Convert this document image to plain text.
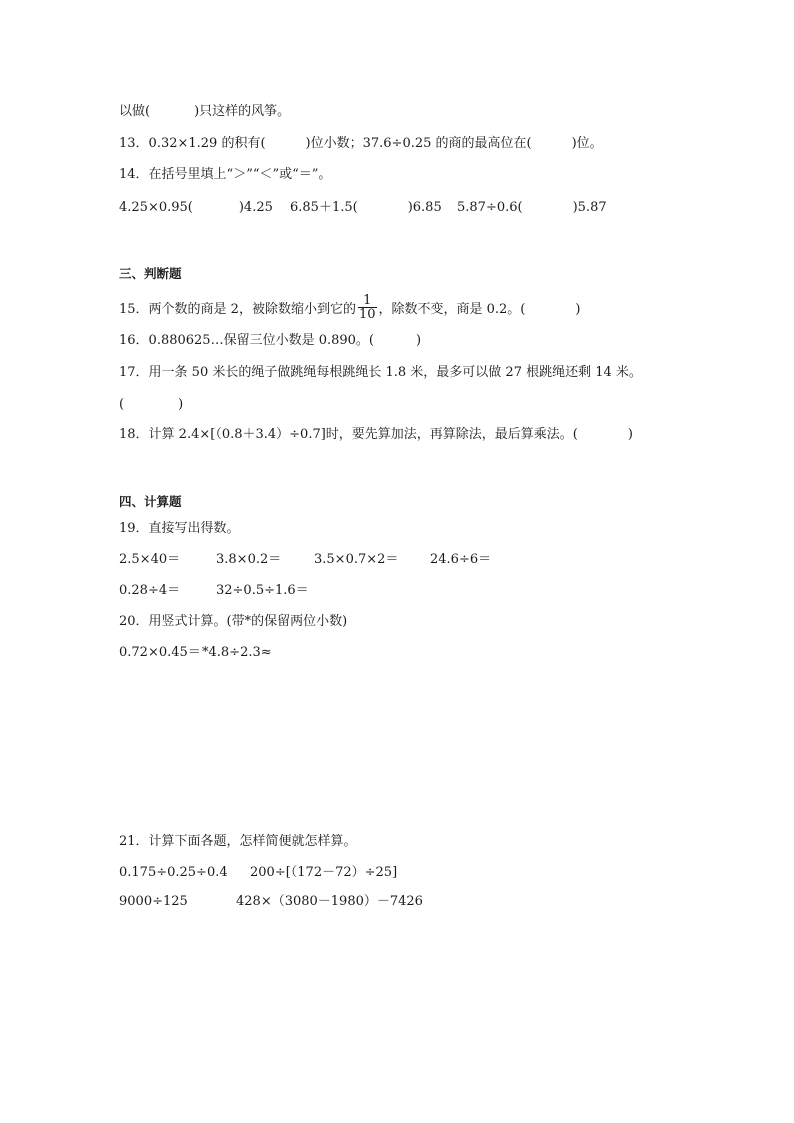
以做(	)只这样的风筝。
13．0.32×1.29 的积有(	)位小数；37.6÷0.25 的商的最高位在(	)位。
14．在括号里填上“＞”“＜”或“＝”。
4.25×0.95(	)4.25 6.85＋1.5(	)6.85 5.87÷0.6(	)5.87
三、判断题
15．两个数的商是 2，被除数缩小到它的 $\frac{1}{10}$ ，除数不变，商是 0.2。(	)
16．0.880625…保留三位小数是 0.890。(	)
17．用一条 50 米长的绳子做跳绳每根跳绳长 1.8 米，最多可以做 27 根跳绳还剩 14 米。
(	)
18．计算 2.4×[（0.8＋3.4）÷0.7]时，要先算加法，再算除法，最后算乘法。(	)
四、计算题
19．直接写出得数。
2.5×40＝	3.8×0.2＝	3.5×0.7×2＝ 24.6÷6＝
0.28÷4＝	32÷0.5÷1.6＝
20．用竖式计算。(带*的保留两位小数)
0.72×0.45＝ *4.8÷2.3≈
21．计算下面各题，怎样简便就怎样算。
0.175÷0.25÷0.4 200÷[（172－72）÷25]
9000÷125	428×（3080－1980）－7426
